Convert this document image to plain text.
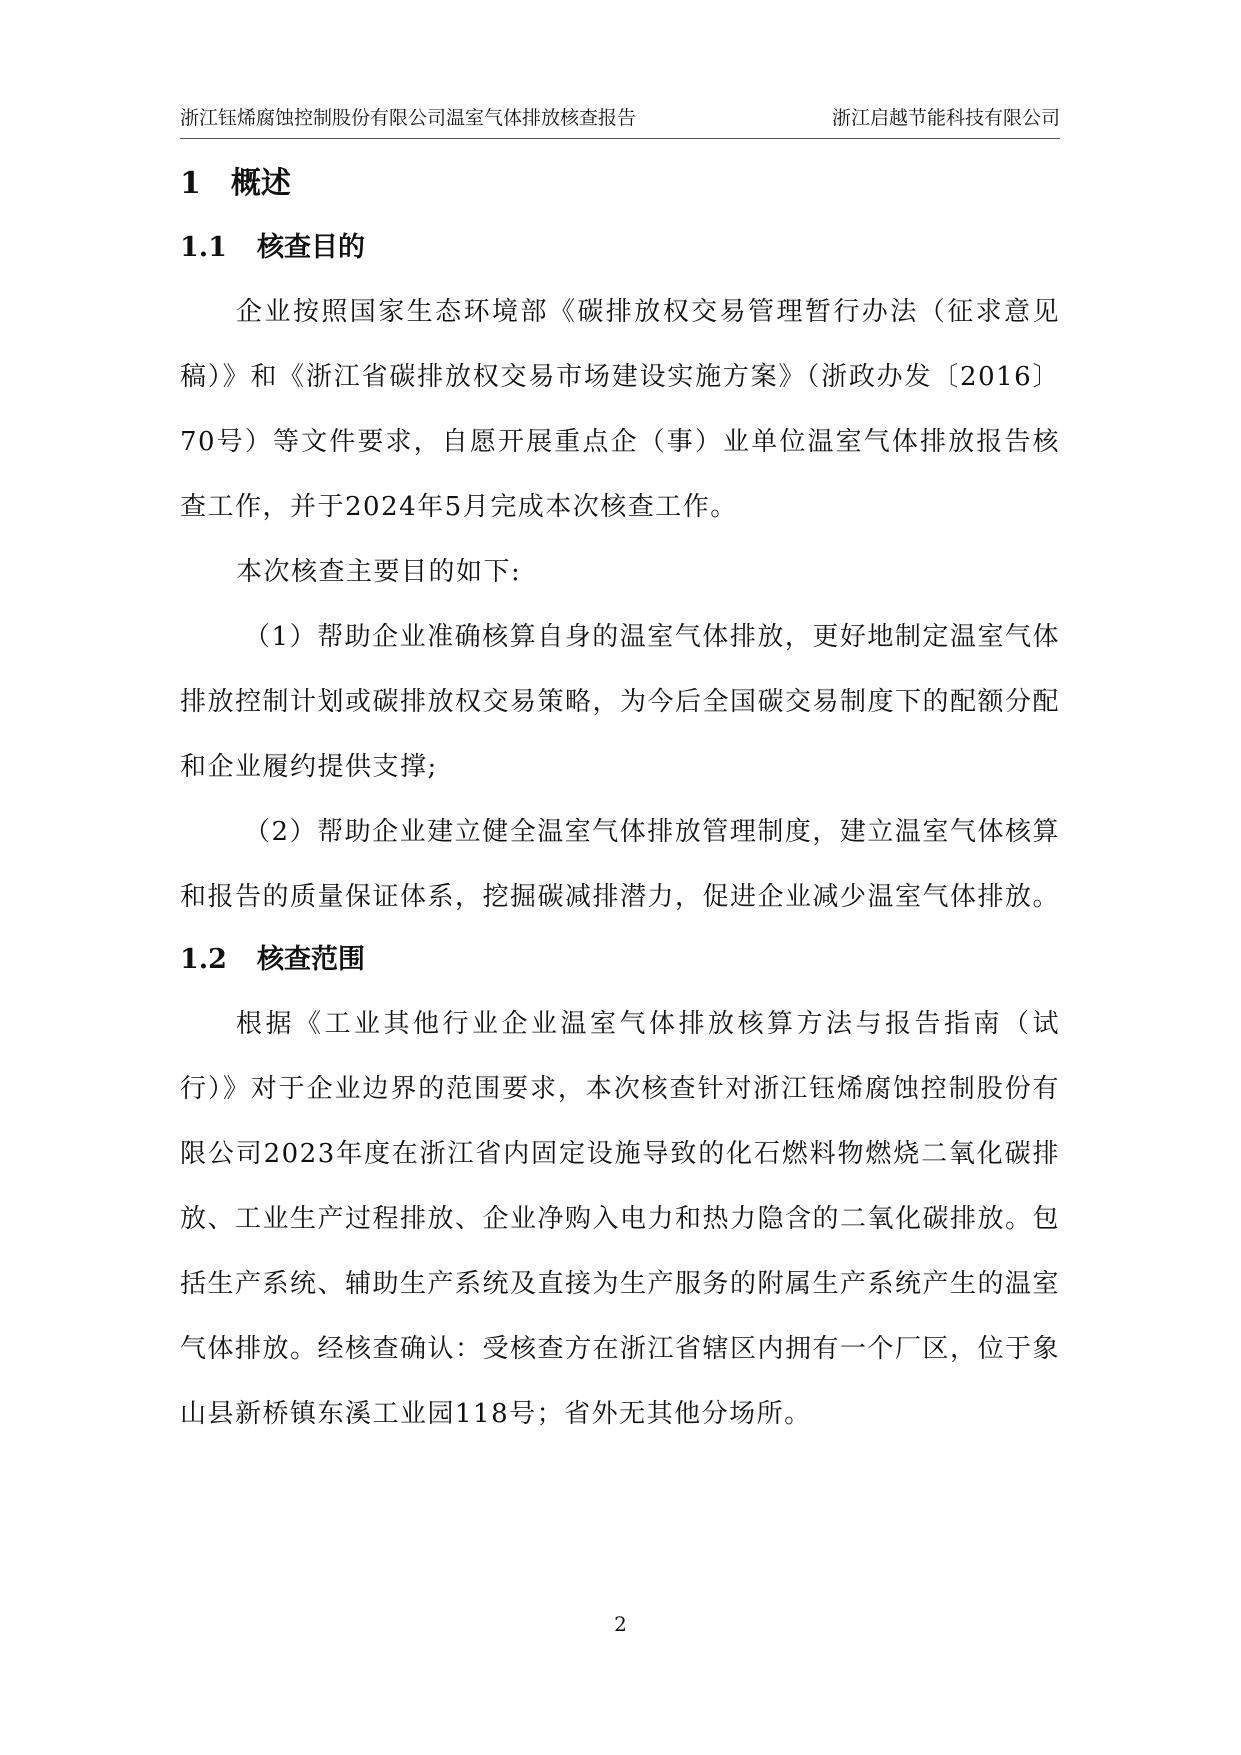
浙江钰烯腐蚀控制股份有限公司温室气体排放核查报告	浙江启越节能科技有限公司
1 概述
1.1 核查目的

企业按照国家生态环境部《碳排放权交易管理暂行办法（征求意见稿）》和《浙江省碳排放权交易市场建设实施方案》（浙政办发〔2016〕70号）等文件要求，自愿开展重点企（事）业单位温室气体排放报告核查工作，并于2024年5月完成本次核查工作。

本次核查主要目的如下:

（1）帮助企业准确核算自身的温室气体排放，更好地制定温室气体排放控制计划或碳排放权交易策略，为今后全国碳交易制度下的配额分配和企业履约提供支撑;

（2）帮助企业建立健全温室气体排放管理制度，建立温室气体核算和报告的质量保证体系，挖掘碳减排潜力，促进企业减少温室气体排放。

1.2 核查范围

根据《工业其他行业企业温室气体排放核算方法与报告指南（试行）》对于企业边界的范围要求，本次核查针对浙江钰烯腐蚀控制股份有限公司2023年度在浙江省内固定设施导致的化石燃料物燃烧二氧化碳排放、工业生产过程排放、企业净购入电力和热力隐含的二氧化碳排放。包括生产系统、辅助生产系统及直接为生产服务的附属生产系统产生的温室气体排放。经核查确认：受核查方在浙江省辖区内拥有一个厂区，位于象山县新桥镇东溪工业园118号；省外无其他分场所。

2
